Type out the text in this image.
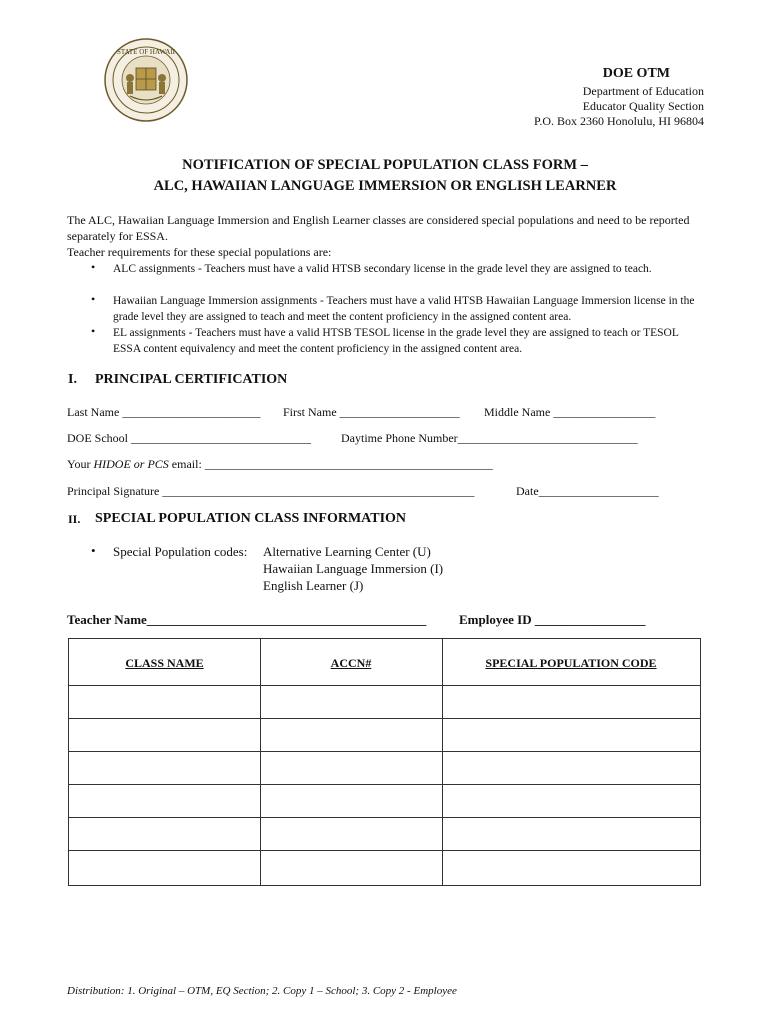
STATE OF HAWAII
DOE OTM
Department of Education
Educator Quality Section
P.O. Box 2360 Honolulu, HI 96804
NOTIFICATION OF SPECIAL POPULATION CLASS FORM –
ALC, HAWAIIAN LANGUAGE IMMERSION OR ENGLISH LEARNER
The ALC, Hawaiian Language Immersion and English Learner classes are considered special populations and need to be reported separately for ESSA.
Teacher requirements for these special populations are:
• ALC assignments - Teachers must have a valid HTSB secondary license in the grade level they are assigned to teach.
• Hawaiian Language Immersion assignments - Teachers must have a valid HTSB Hawaiian Language Immersion license in the grade level they are assigned to teach and meet the content proficiency in the assigned content area.
• EL assignments - Teachers must have a valid HTSB TESOL license in the grade level they are assigned to teach or TESOL ESSA content equivalency and meet the content proficiency in the assigned content area.
I. PRINCIPAL CERTIFICATION
Last Name _______________________ First Name ____________________ Middle Name _________________
DOE School ______________________________	Daytime Phone Number______________________________
Your HIDOE or PCS email: ________________________________________________
Principal Signature ____________________________________________________	Date____________________
II. SPECIAL POPULATION CLASS INFORMATION
• Special Population codes: Alternative Learning Center (U)
Hawaiian Language Immersion (I)
English Learner (J)
Teacher Name___________________________________________	Employee ID _________________
CLASS NAME	ACCN#	SPECIAL POPULATION CODE
Distribution: 1. Original – OTM, EQ Section; 2. Copy 1 – School; 3. Copy 2 - Employee
